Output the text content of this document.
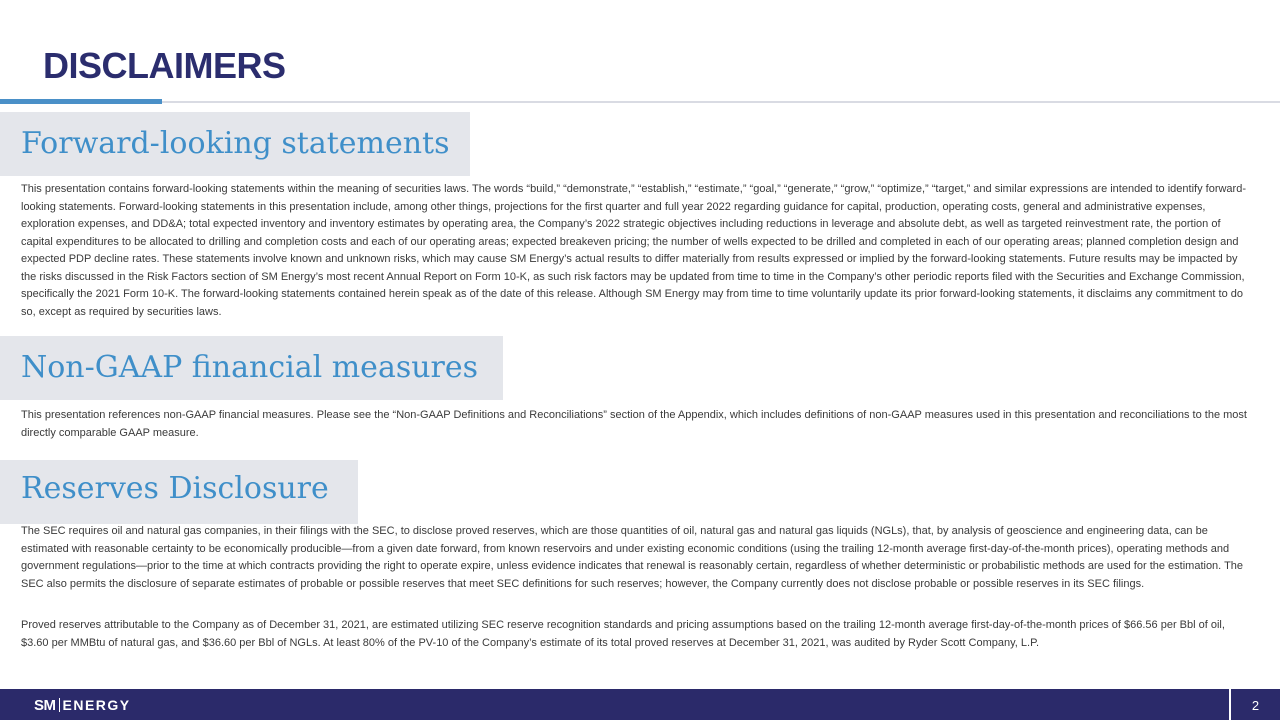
DISCLAIMERS
Forward-looking statements

This presentation contains forward-looking statements within the meaning of securities laws. The words “build,” “demonstrate,” “establish,” “estimate,” “goal,” “generate,” “grow,” “optimize,” “target,” and similar expressions are intended to identify forward-looking statements. Forward-looking statements in this presentation include, among other things, projections for the first quarter and full year 2022 regarding guidance for capital, production, operating costs, general and administrative expenses, exploration expenses, and DD&A; total expected inventory and inventory estimates by operating area, the Company’s 2022 strategic objectives including reductions in leverage and absolute debt, as well as targeted reinvestment rate, the portion of capital expenditures to be allocated to drilling and completion costs and each of our operating areas; expected breakeven pricing; the number of wells expected to be drilled and completed in each of our operating areas; planned completion design and expected PDP decline rates. These statements involve known and unknown risks, which may cause SM Energy’s actual results to differ materially from results expressed or implied by the forward-looking statements. Future results may be impacted by the risks discussed in the Risk Factors section of SM Energy’s most recent Annual Report on Form 10-K, as such risk factors may be updated from time to time in the Company’s other periodic reports filed with the Securities and Exchange Commission, specifically the 2021 Form 10-K. The forward-looking statements contained herein speak as of the date of this release. Although SM Energy may from time to time voluntarily update its prior forward-looking statements, it disclaims any commitment to do so, except as required by securities laws.

Non-GAAP financial measures

This presentation references non-GAAP financial measures. Please see the “Non-GAAP Definitions and Reconciliations” section of the Appendix, which includes definitions of non-GAAP measures used in this presentation and reconciliations to the most directly comparable GAAP measure.

Reserves Disclosure

The SEC requires oil and natural gas companies, in their filings with the SEC, to disclose proved reserves, which are those quantities of oil, natural gas and natural gas liquids (NGLs), that, by analysis of geoscience and engineering data, can be estimated with reasonable certainty to be economically producible—from a given date forward, from known reservoirs and under existing economic conditions (using the trailing 12-month average first-day-of-the-month prices), operating methods and government regulations—prior to the time at which contracts providing the right to operate expire, unless evidence indicates that renewal is reasonably certain, regardless of whether deterministic or probabilistic methods are used for the estimation. The SEC also permits the disclosure of separate estimates of probable or possible reserves that meet SEC definitions for such reserves; however, the Company currently does not disclose probable or possible reserves in its SEC filings.

Proved reserves attributable to the Company as of December 31, 2021, are estimated utilizing SEC reserve recognition standards and pricing assumptions based on the trailing 12-month average first-day-of-the-month prices of $66.56 per Bbl of oil, $3.60 per MMBtu of natural gas, and $36.60 per Bbl of NGLs. At least 80% of the PV-10 of the Company’s estimate of its total proved reserves at December 31, 2021, was audited by Ryder Scott Company, L.P.

SM ENERGY	2
